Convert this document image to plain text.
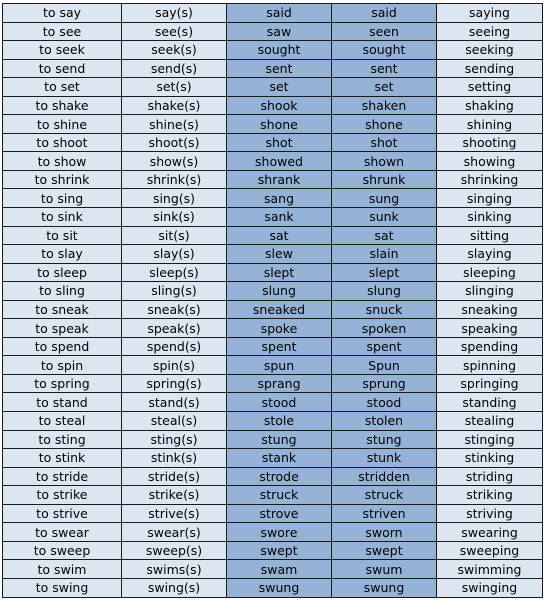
to say	say(s)	said	said	saying
to see	see(s)	saw	seen	seeing
to seek	seek(s)	sought	sought	seeking
to send	send(s)	sent	sent	sending
to set	set(s)	set	set	setting
to shake	shake(s)	shook	shaken	shaking
to shine	shine(s)	shone	shone	shining
to shoot	shoot(s)	shot	shot	shooting
to show	show(s)	showed	shown	showing
to shrink	shrink(s)	shrank	shrunk	shrinking
to sing	sing(s)	sang	sung	singing
to sink	sink(s)	sank	sunk	sinking
to sit	sit(s)	sat	sat	sitting
to slay	slay(s)	slew	slain	slaying
to sleep	sleep(s)	slept	slept	sleeping
to sling	sling(s)	slung	slung	slinging
to sneak	sneak(s)	sneaked	snuck	sneaking
to speak	speak(s)	spoke	spoken	speaking
to spend	spend(s)	spent	spent	spending
to spin	spin(s)	spun	Spun	spinning
to spring	spring(s)	sprang	sprung	springing
to stand	stand(s)	stood	stood	standing
to steal	steal(s)	stole	stolen	stealing
to sting	sting(s)	stung	stung	stinging
to stink	stink(s)	stank	stunk	stinking
to stride	stride(s)	strode	stridden	striding
to strike	strike(s)	struck	struck	striking
to strive	strive(s)	strove	striven	striving
to swear	swear(s)	swore	sworn	swearing
to sweep	sweep(s)	swept	swept	sweeping
to swim	swims(s)	swam	swum	swimming
to swing	swing(s)	swung	swung	swinging
